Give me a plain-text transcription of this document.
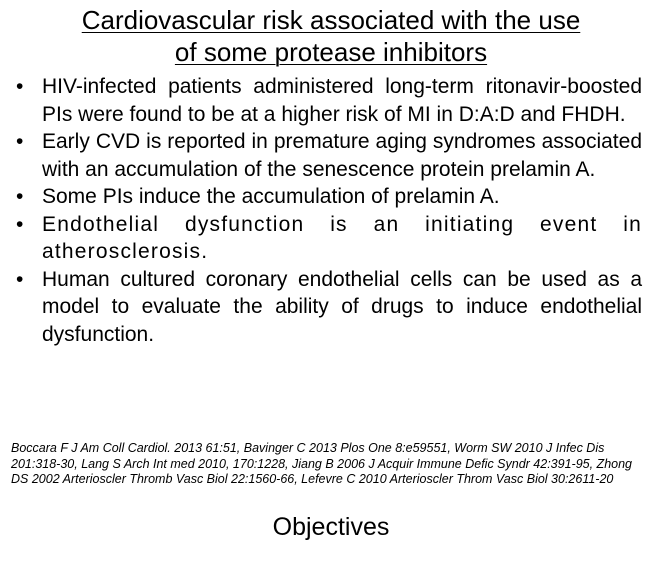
Cardiovascular risk associated with the use
of some protease inhibitors
• HIV-infected patients administered long-term ritonavir-boosted PIs were found to be at a higher risk of MI in D:A:D and FHDH.
• Early CVD is reported in premature aging syndromes associated with an accumulation of the senescence protein prelamin A.
• Some PIs induce the accumulation of prelamin A.
• Endothelial dysfunction is an initiating event in atherosclerosis.
• Human cultured coronary endothelial cells can be used as a model to evaluate the ability of drugs to induce endothelial dysfunction.

Boccara F J Am Coll Cardiol. 2013 61:51, Bavinger C 2013 Plos One 8:e59551, Worm SW 2010 J Infec Dis 201:318-30, Lang S Arch Int med 2010, 170:1228, Jiang B 2006 J Acquir Immune Defic Syndr 42:391-95, Zhong DS 2002 Arterioscler Thromb Vasc Biol 22:1560-66, Lefevre C 2010 Arterioscler Throm Vasc Biol 30:2611-20

Objectives
